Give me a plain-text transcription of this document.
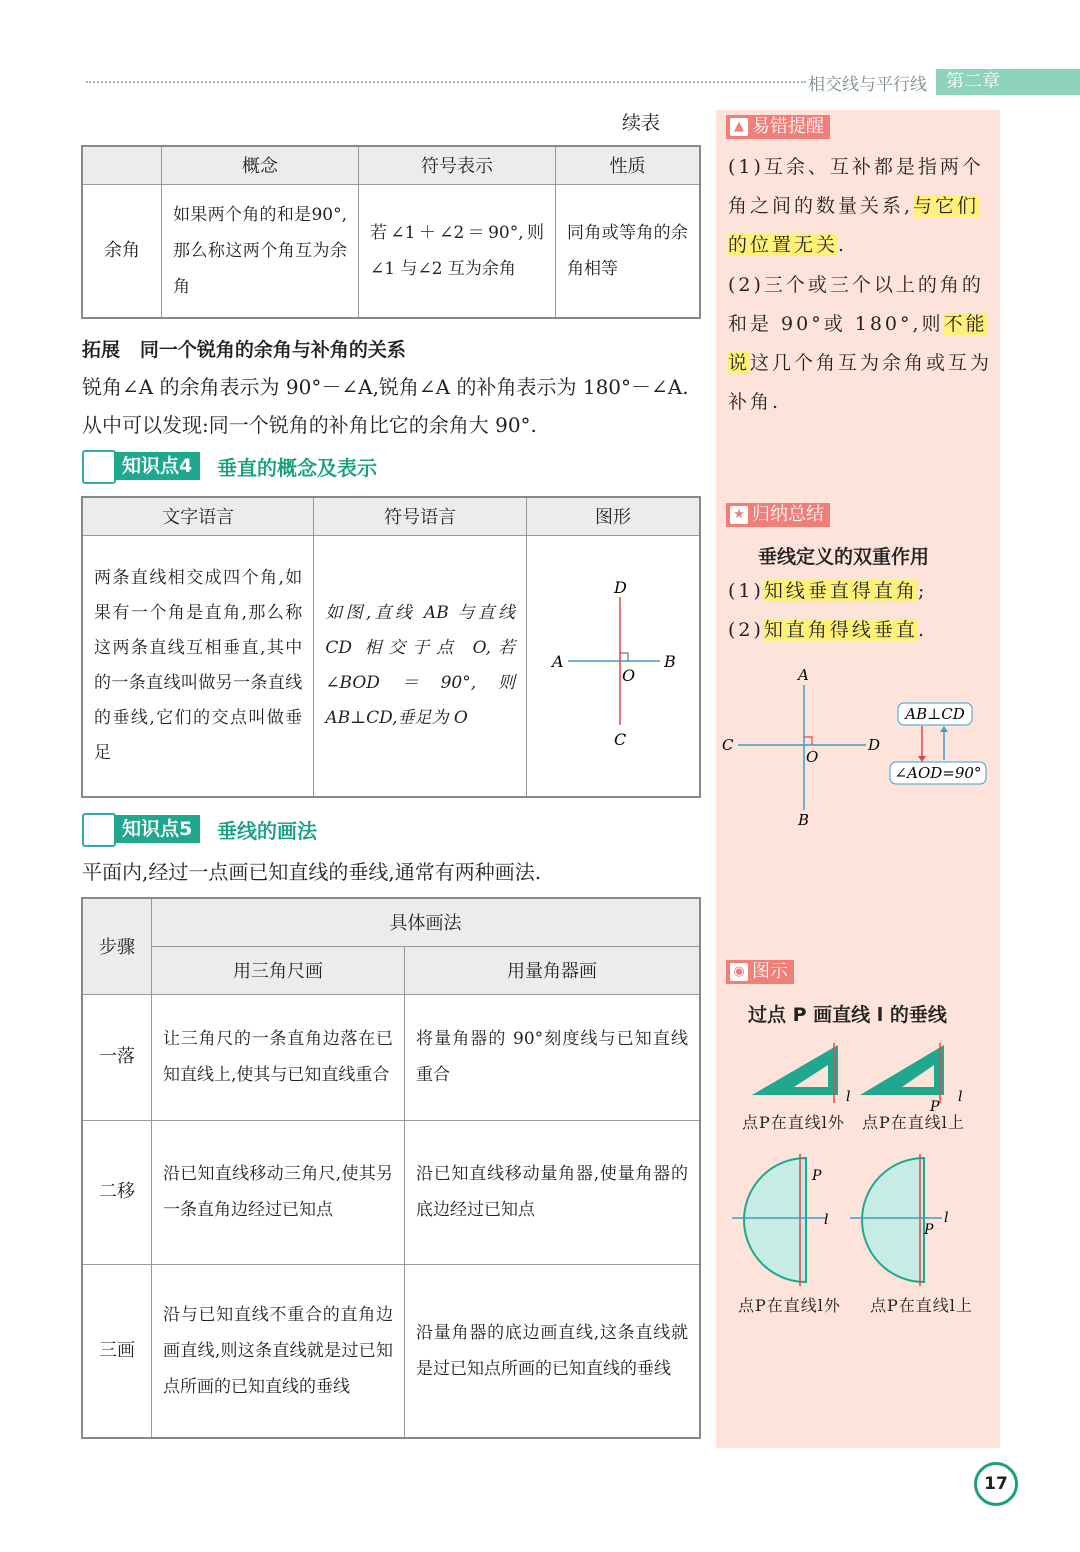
相交线与平行线	第二章
续表
	概念	符号表示	性质
余角	如果两个角的和是90°,那么称这两个角互为余角	若∠1＋∠2＝90°,则∠1 与∠2 互为余角	同角或等角的余角相等
拓展 同一个锐角的余角与补角的关系
锐角∠A 的余角表示为 90°－∠A,锐角∠A 的补角表示为 180°－∠A. 从中可以发现:同一个锐角的补角比它的余角大 90°.
知识点4	垂直的概念及表示
文字语言	符号语言	图形

两条直线相交成四个角,如果有一个角是直角,那么称这两条直线互相垂直,其中的一条直线叫做另一条直线的垂线,它们的交点叫做垂足	如图,直线 AB 与直线 CD 相交于点 O,若∠BOD＝90°,则 AB⊥CD,垂足为 O	D
A B
O
C
知识点5	垂线的画法
平面内,经过一点画已知直线的垂线,通常有两种画法.
步骤	具体画法	
	用三角尺画	用量角器画
一落	让三角尺的一条直角边落在已知直线上,使其与已知直线重合	将量角器的 90°刻度线与已知直线重合

二移	沿已知直线移动三角尺,使其另一条直角边经过已知点	沿已知直线移动量角器,使量角器的底边经过已知点

三画	沿与已知直线不重合的直角边画直线,则这条直线就是过已知点所画的已知直线的垂线	沿量角器的底边画直线,这条直线就是过已知点所画的已知直线的垂线
▲ 易错提醒
(1)互余、互补都是指两个角之间的数量关系,与它们的位置无关.
(2)三个或三个以上的角的和是 90°或 180°,则不能说这几个角互为余角或互为补角.
★ 归纳总结
垂线定义的双重作用
(1)知线垂直得直角;
(2)知直角得线垂直.
A
B
C	D
O
AB⊥CD
∠AOD=90°
◉ 图示
过点 P 画直线 l 的垂线
l	l
P
点P在直线l外 点P在直线l上
P
l
P
l
点P在直线l外 点P在直线l上
17
